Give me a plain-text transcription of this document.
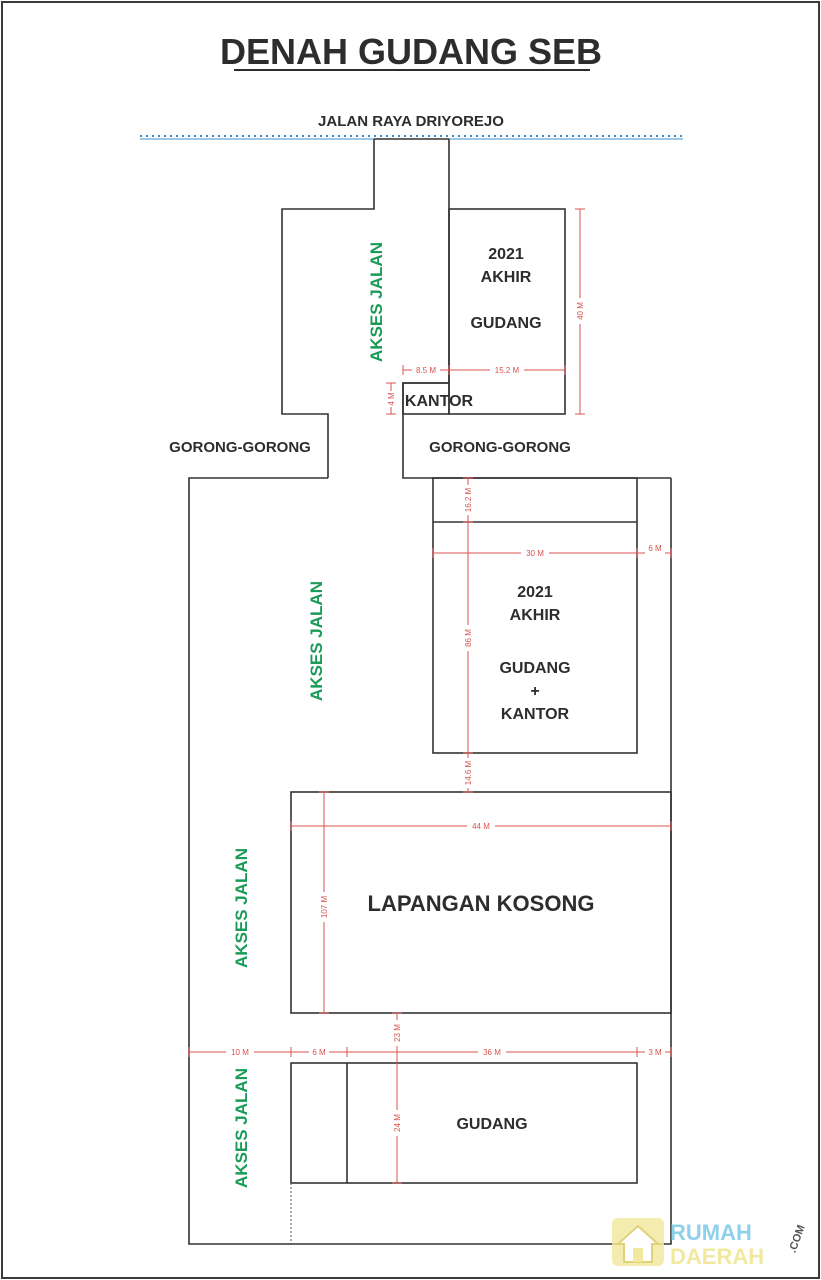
DENAH GUDANG SEB
JALAN RAYA DRIYOREJO
AKSES JALAN
AKSES JALAN
AKSES JALAN
AKSES JALAN
GORONG-GORONG	GORONG-GORONG
2021
AKHIR
GUDANG
KANTOR
2021
AKHIR
GUDANG
+
KANTOR
LAPANGAN KOSONG
GUDANG
40 M
8.5 M	15.2 M
4 M
16.2 M
30 M
6 M
86 M
14.6 M
44 M
107 M
23 M
10 M	6 M	36 M	3 M
24 M
RUMAH
DAERAH
.COM
